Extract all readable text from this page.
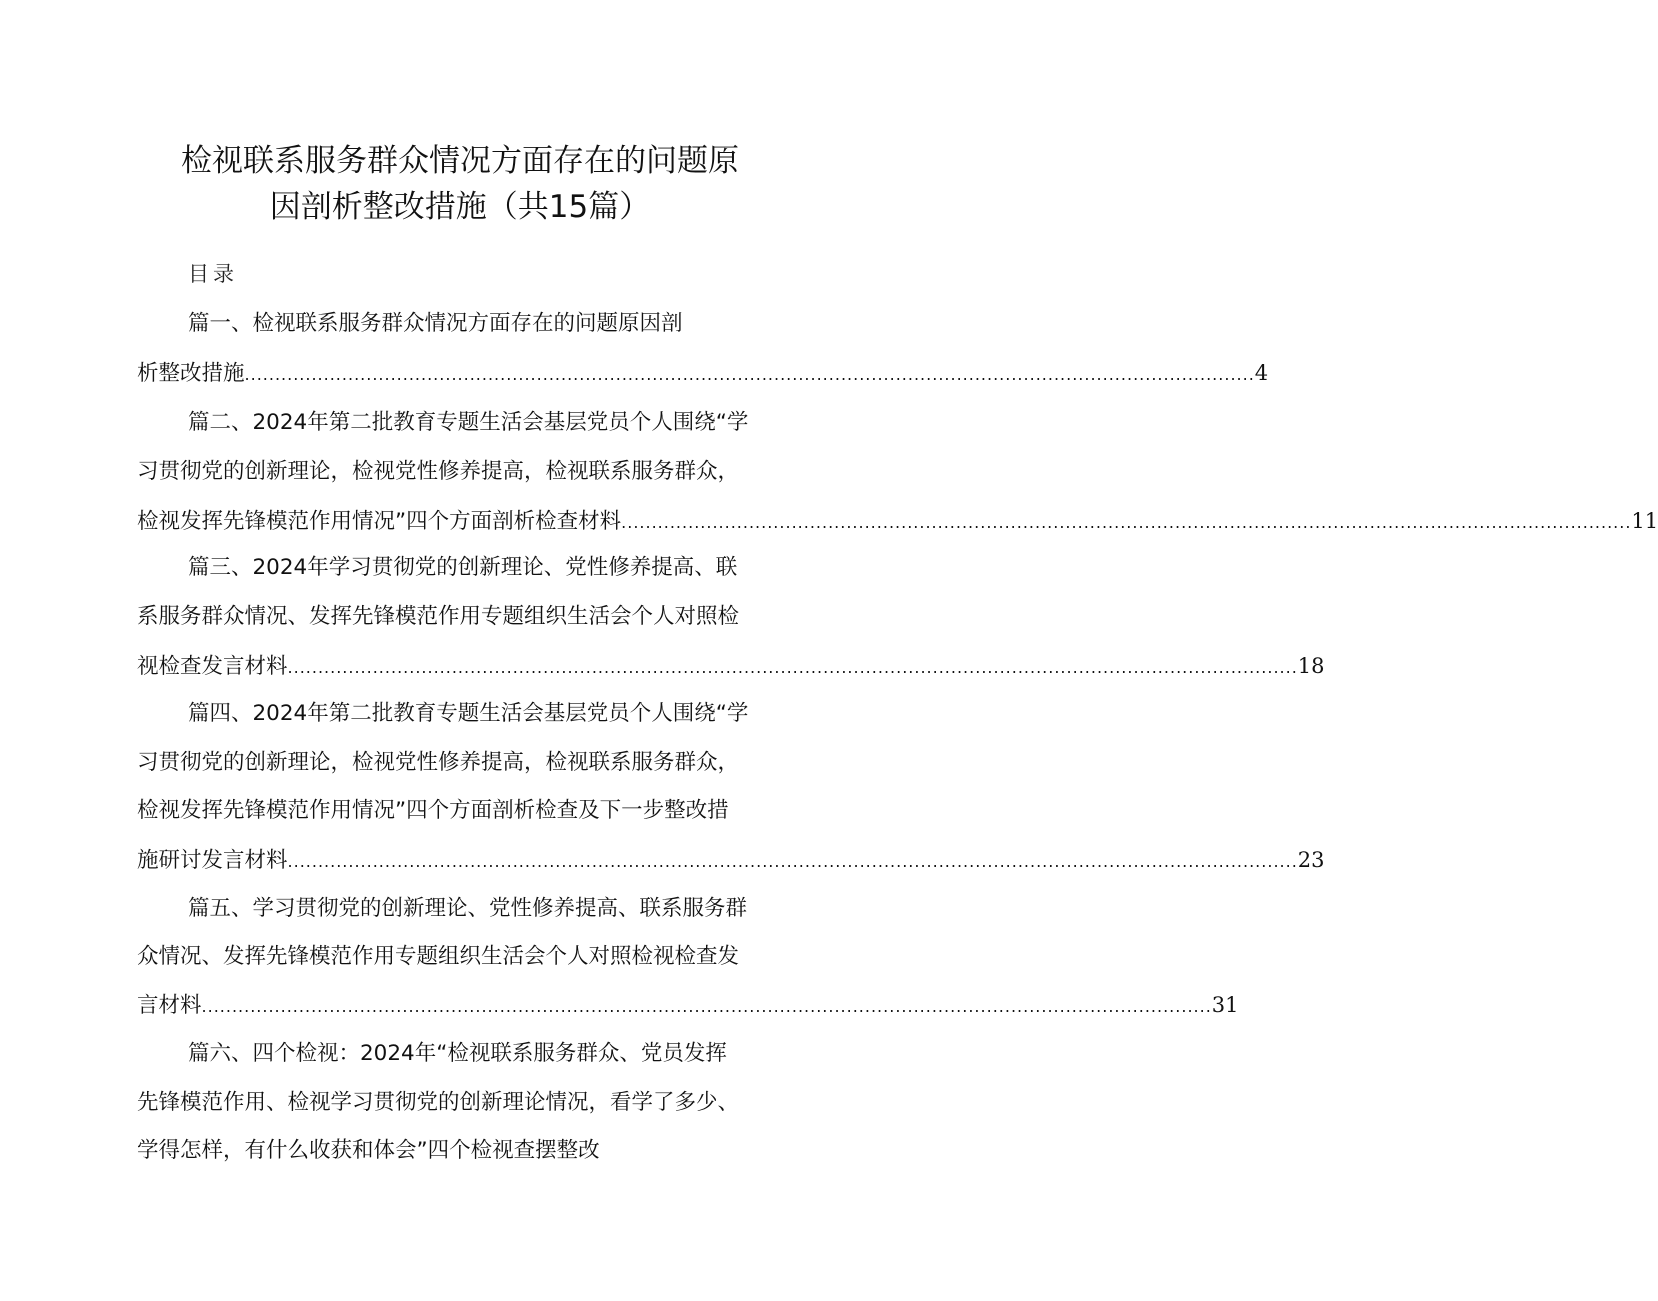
检视联系服务群众情况方面存在的问题原
因剖析整改措施（共15篇）
目录
篇一、检视联系服务群众情况方面存在的问题原因剖
析整改措施 ...................................................................................................................................................................... 4
篇二、2024年第二批教育专题生活会基层党员个人围绕“学
习贯彻党的创新理论，检视党性修养提高，检视联系服务群众，
检视发挥先锋模范作用情况”四个方面剖析检查材料 ...................................................................................................................................................................... 11
篇三、2024年学习贯彻党的创新理论、党性修养提高、联
系服务群众情况、发挥先锋模范作用专题组织生活会个人对照检
视检查发言材料 ...................................................................................................................................................................... 18
篇四、2024年第二批教育专题生活会基层党员个人围绕“学
习贯彻党的创新理论，检视党性修养提高，检视联系服务群众，
检视发挥先锋模范作用情况”四个方面剖析检查及下一步整改措
施研讨发言材料 ...................................................................................................................................................................... 23
篇五、学习贯彻党的创新理论、党性修养提高、联系服务群
众情况、发挥先锋模范作用专题组织生活会个人对照检视检查发
言材料 ...................................................................................................................................................................... 31
篇六、四个检视：2024年“检视联系服务群众、党员发挥
先锋模范作用、检视学习贯彻党的创新理论情况，看学了多少、
学得怎样，有什么收获和体会”四个检视查摆整改
